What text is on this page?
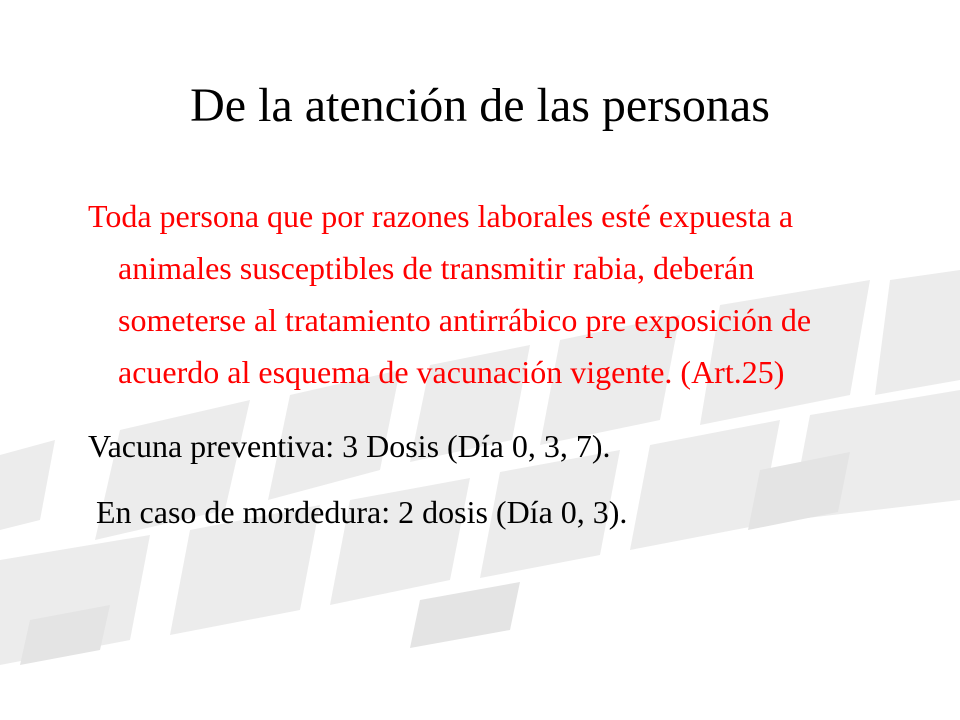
De la atención de las personas

Toda persona que por razones laborales esté expuesta a animales susceptibles de transmitir rabia, deberán someterse al tratamiento antirrábico pre exposición de acuerdo al esquema de vacunación vigente. (Art.25)

Vacuna preventiva: 3 Dosis (Día 0, 3, 7).

En caso de mordedura: 2 dosis (Día 0, 3).
